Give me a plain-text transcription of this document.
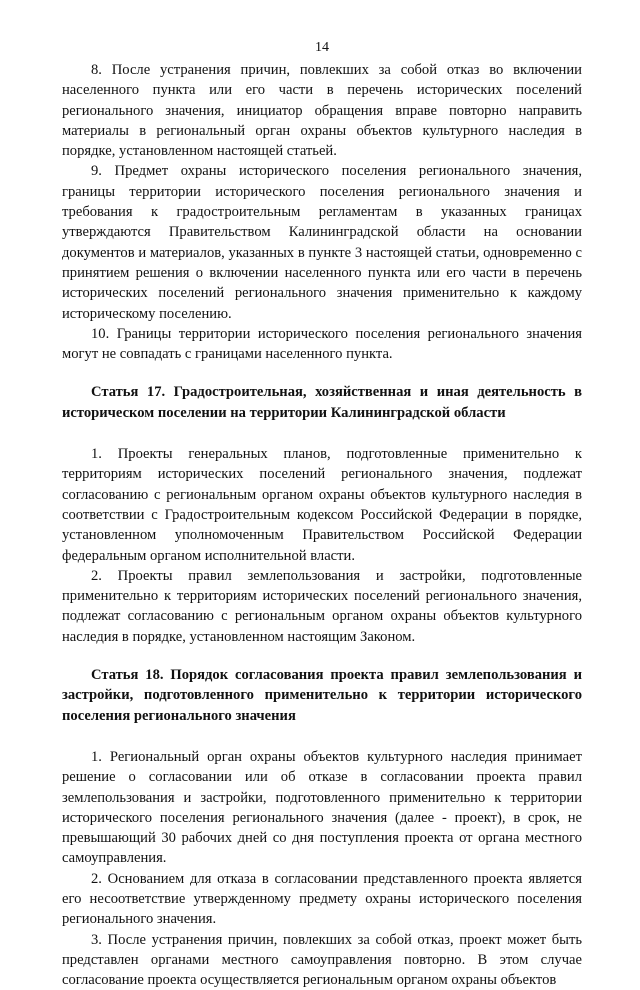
14

8. После устранения причин, повлекших за собой отказ во включении населенного пункта или его части в перечень исторических поселений регионального значения, инициатор обращения вправе повторно направить материалы в региональный орган охраны объектов культурного наследия в порядке, установленном настоящей статьей.

9. Предмет охраны исторического поселения регионального значения, границы территории исторического поселения регионального значения и требования к градостроительным регламентам в указанных границах утверждаются Правительством Калининградской области на основании документов и материалов, указанных в пункте 3 настоящей статьи, одновременно с принятием решения о включении населенного пункта или его части в перечень исторических поселений регионального значения применительно к каждому историческому поселению.

10. Границы территории исторического поселения регионального значения могут не совпадать с границами населенного пункта.

Статья 17. Градостроительная, хозяйственная и иная деятельность в историческом поселении на территории Калининградской области

1. Проекты генеральных планов, подготовленные применительно к территориям исторических поселений регионального значения, подлежат согласованию с региональным органом охраны объектов культурного наследия в соответствии с Градостроительным кодексом Российской Федерации в порядке, установленном уполномоченным Правительством Российской Федерации федеральным органом исполнительной власти.

2. Проекты правил землепользования и застройки, подготовленные применительно к территориям исторических поселений регионального значения, подлежат согласованию с региональным органом охраны объектов культурного наследия в порядке, установленном настоящим Законом.

Статья 18. Порядок согласования проекта правил землепользования и застройки, подготовленного применительно к территории исторического поселения регионального значения

1. Региональный орган охраны объектов культурного наследия принимает решение о согласовании или об отказе в согласовании проекта правил землепользования и застройки, подготовленного применительно к территории исторического поселения регионального значения (далее - проект), в срок, не превышающий 30 рабочих дней со дня поступления проекта от органа местного самоуправления.

2. Основанием для отказа в согласовании представленного проекта является его несоответствие утвержденному предмету охраны исторического поселения регионального значения.

3. После устранения причин, повлекших за собой отказ, проект может быть представлен органами местного самоуправления повторно. В этом случае согласование проекта осуществляется региональным органом охраны объектов
